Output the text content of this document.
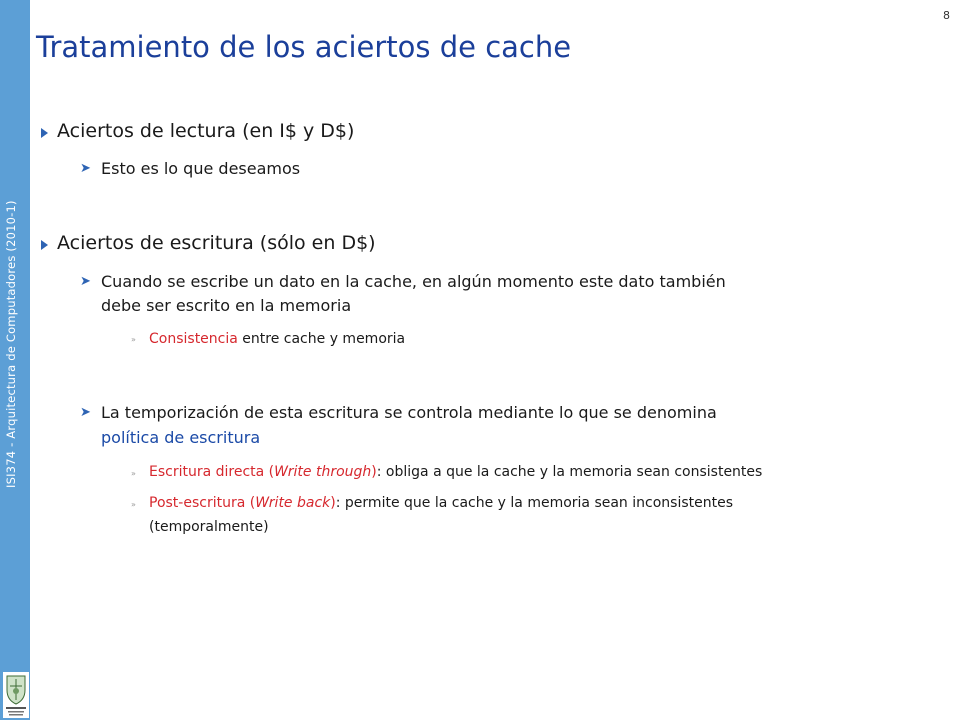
ISI374 - Arquitectura de Computadores (2010-1)
8
Tratamiento de los aciertos de cache
Aciertos de lectura (en I$ y D$)
➤ Esto es lo que deseamos
Aciertos de escritura (sólo en D$)
➤ Cuando se escribe un dato en la cache, en algún momento este dato también
debe ser escrito en la memoria
» Consistencia entre cache y memoria
➤ La temporización de esta escritura se controla mediante lo que se denomina
política de escritura
» Escritura directa (Write through): obliga a que la cache y la memoria sean consistentes
» Post-escritura (Write back): permite que la cache y la memoria sean inconsistentes
(temporalmente)
